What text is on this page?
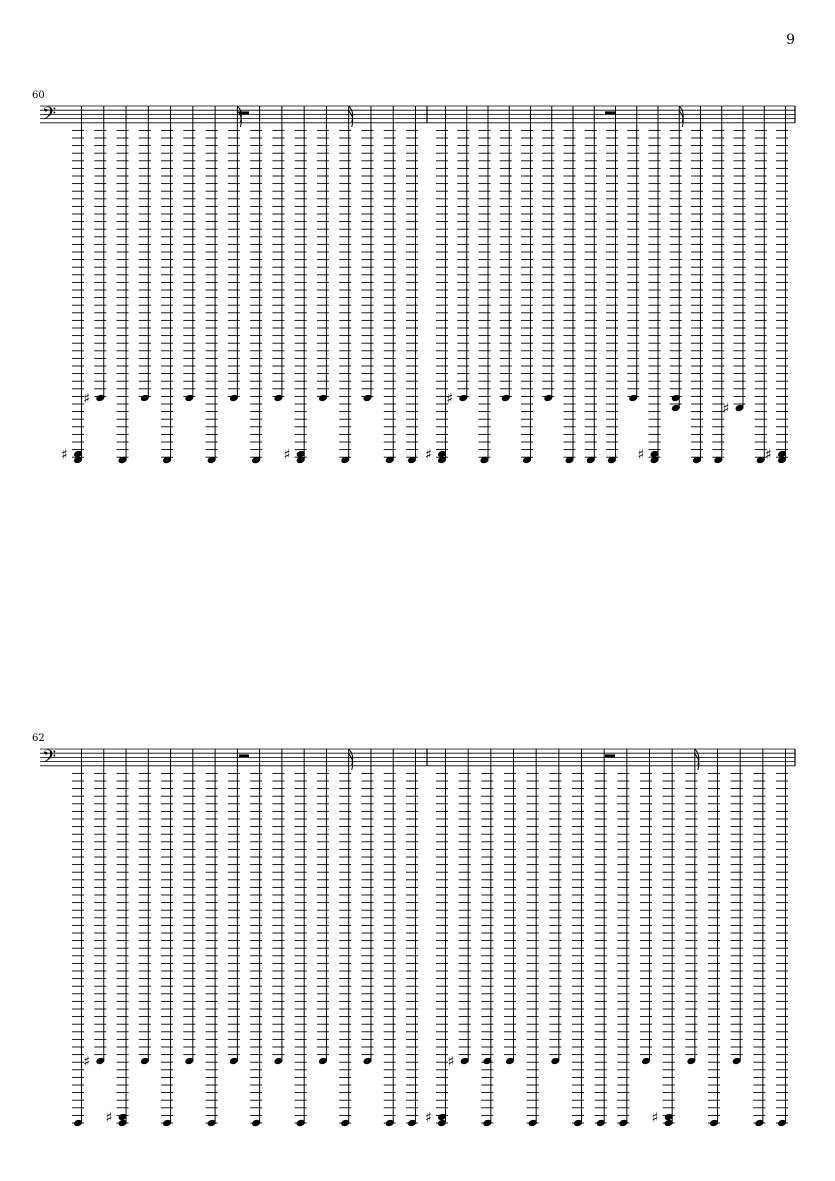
9
60
62
𝄢
♯
♯
♯	♯
♯
♯
♯
♯
𝄢
♯
♯	♯
♯
♯
